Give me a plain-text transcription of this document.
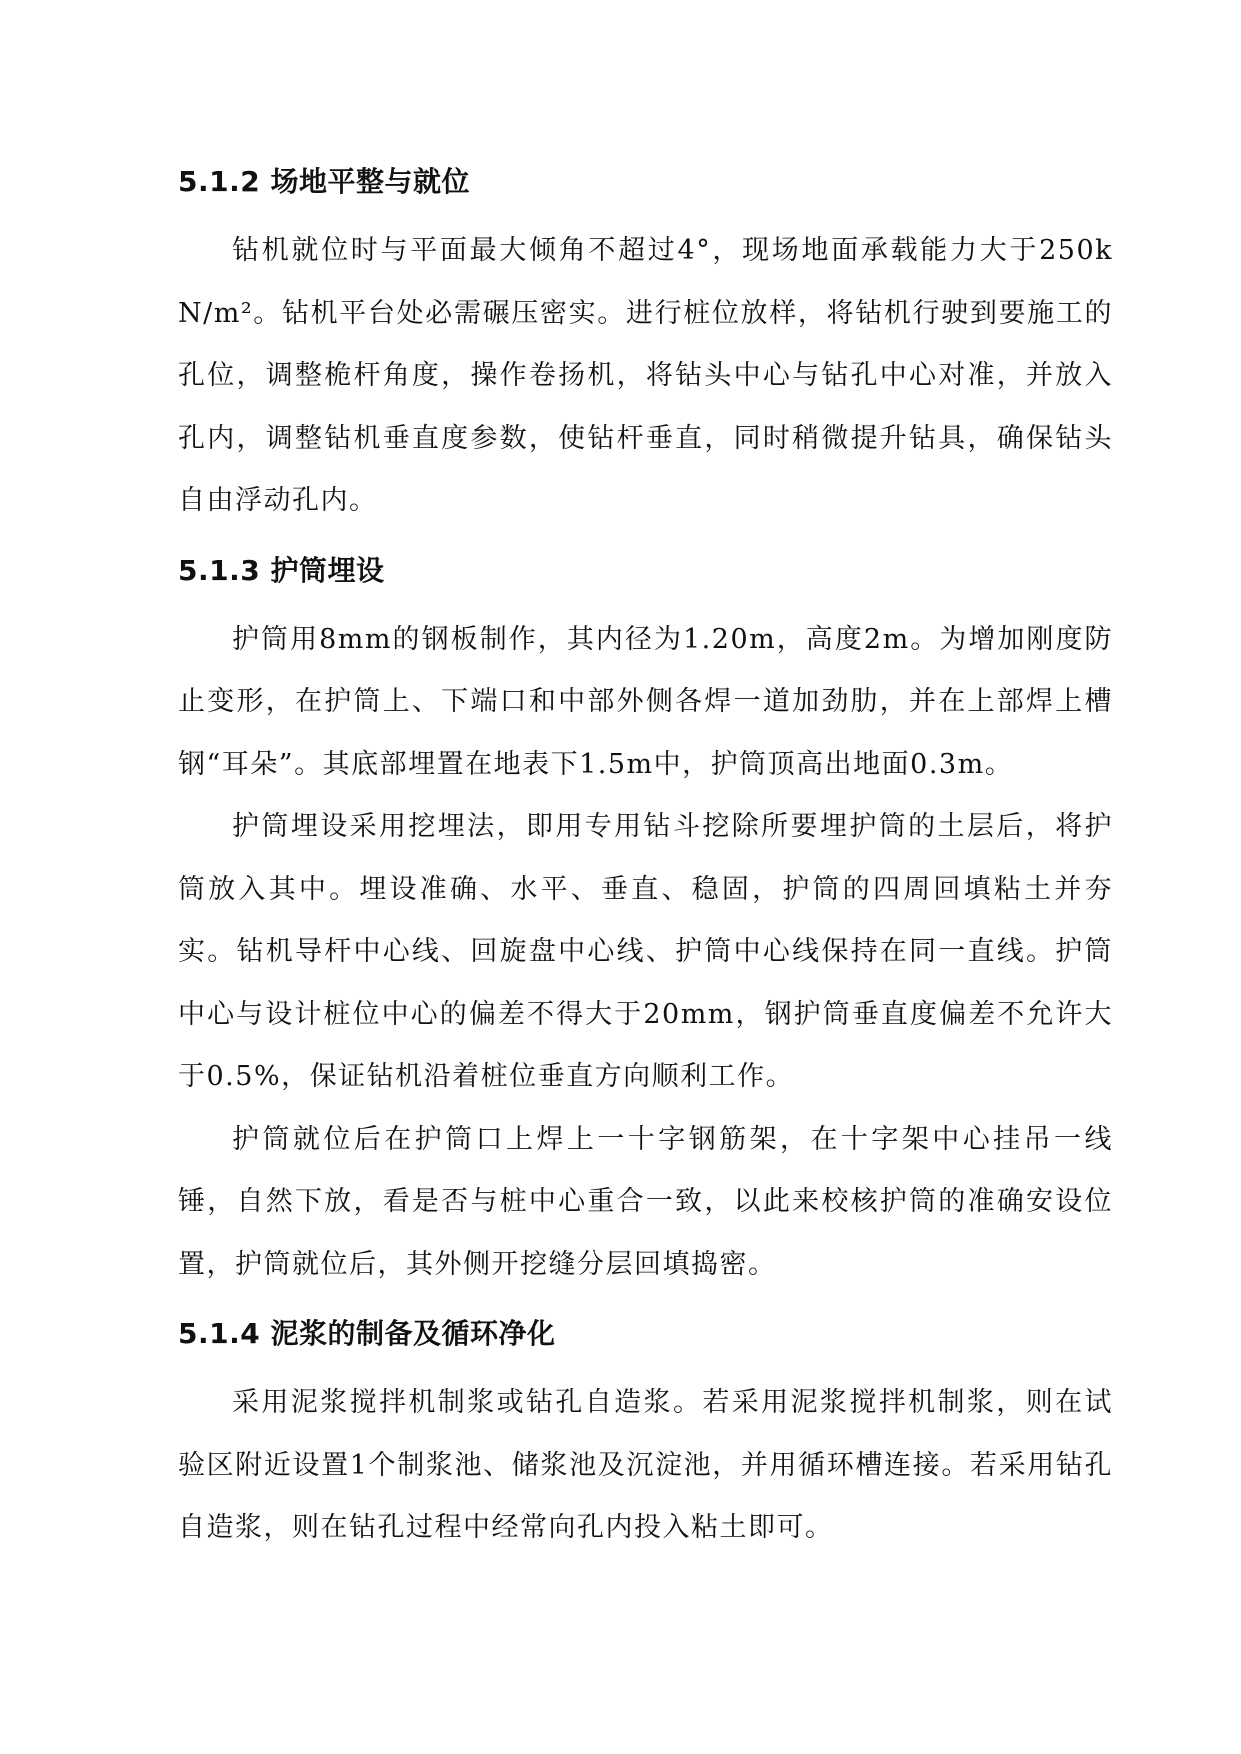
5.1.2 场地平整与就位

钻机就位时与平面最大倾角不超过4°，现场地面承载能力大于250kN/m²。钻机平台处必需碾压密实。进行桩位放样，将钻机行驶到要施工的孔位，调整桅杆角度，操作卷扬机，将钻头中心与钻孔中心对准，并放入孔内，调整钻机垂直度参数，使钻杆垂直，同时稍微提升钻具，确保钻头自由浮动孔内。

5.1.3 护筒埋设

护筒用8mm的钢板制作，其内径为1.20m，高度2m。为增加刚度防止变形，在护筒上、下端口和中部外侧各焊一道加劲肋，并在上部焊上槽钢“耳朵”。其底部埋置在地表下1.5m中，护筒顶高出地面0.3m。

护筒埋设采用挖埋法，即用专用钻斗挖除所要埋护筒的土层后，将护筒放入其中。埋设准确、水平、垂直、稳固，护筒的四周回填粘土并夯实。钻机导杆中心线、回旋盘中心线、护筒中心线保持在同一直线。护筒中心与设计桩位中心的偏差不得大于20mm，钢护筒垂直度偏差不允许大于0.5%，保证钻机沿着桩位垂直方向顺利工作。

护筒就位后在护筒口上焊上一十字钢筋架，在十字架中心挂吊一线锤，自然下放，看是否与桩中心重合一致，以此来校核护筒的准确安设位置，护筒就位后，其外侧开挖缝分层回填捣密。

5.1.4 泥浆的制备及循环净化

采用泥浆搅拌机制浆或钻孔自造浆。若采用泥浆搅拌机制浆，则在试验区附近设置1个制浆池、储浆池及沉淀池，并用循环槽连接。若采用钻孔自造浆，则在钻孔过程中经常向孔内投入粘土即可。
